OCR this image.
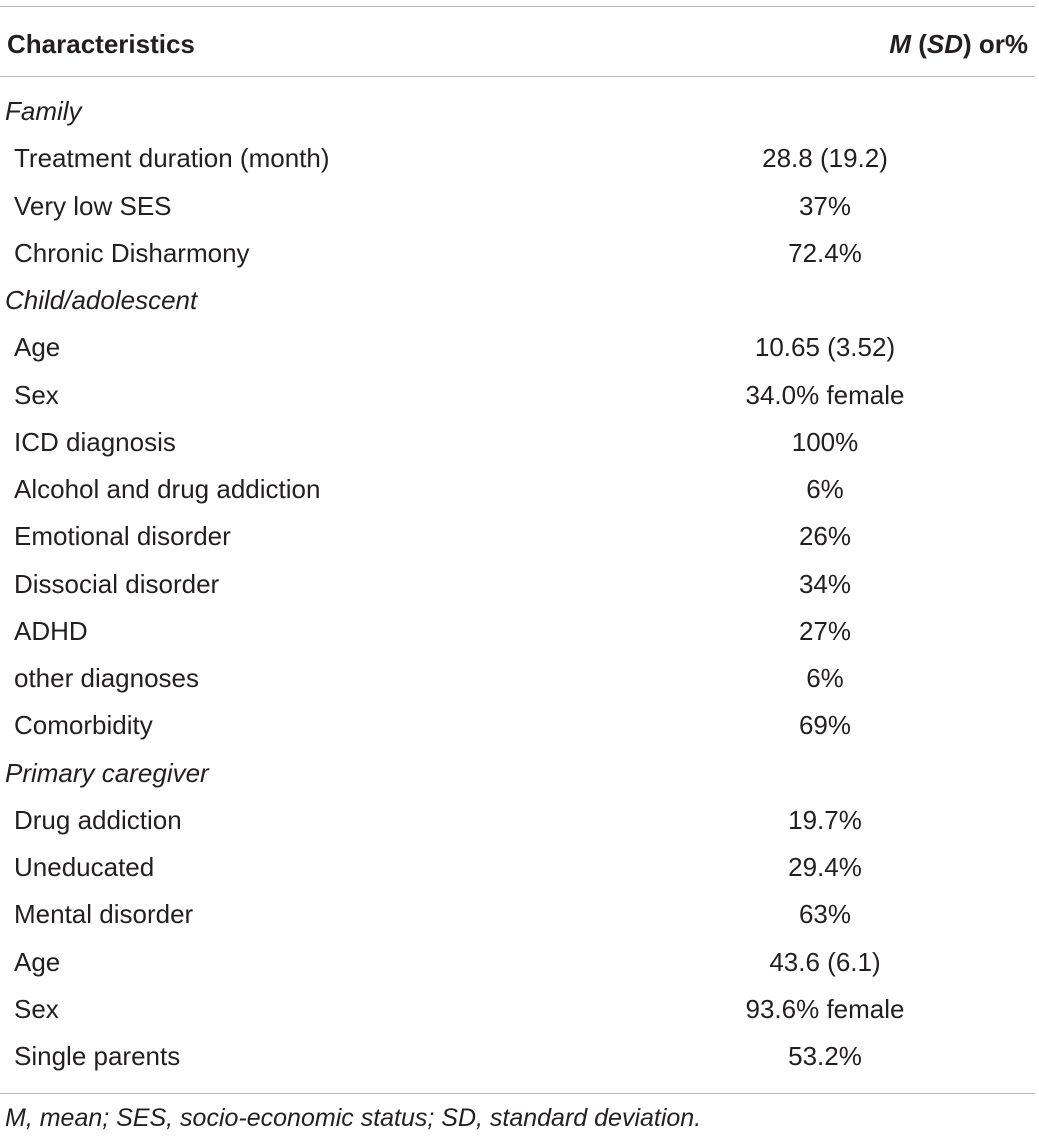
Characteristics	M (SD) or%
Family
Treatment duration (month)	28.8 (19.2)
Very low SES	37%
Chronic Disharmony	72.4%
Child/adolescent
Age	10.65 (3.52)
Sex	34.0% female
ICD diagnosis	100%
Alcohol and drug addiction	6%
Emotional disorder	26%
Dissocial disorder	34%
ADHD	27%
other diagnoses	6%
Comorbidity	69%
Primary caregiver
Drug addiction	19.7%
Uneducated	29.4%
Mental disorder	63%
Age	43.6 (6.1)
Sex	93.6% female
Single parents	53.2%
M, mean; SES, socio-economic status; SD, standard deviation.
